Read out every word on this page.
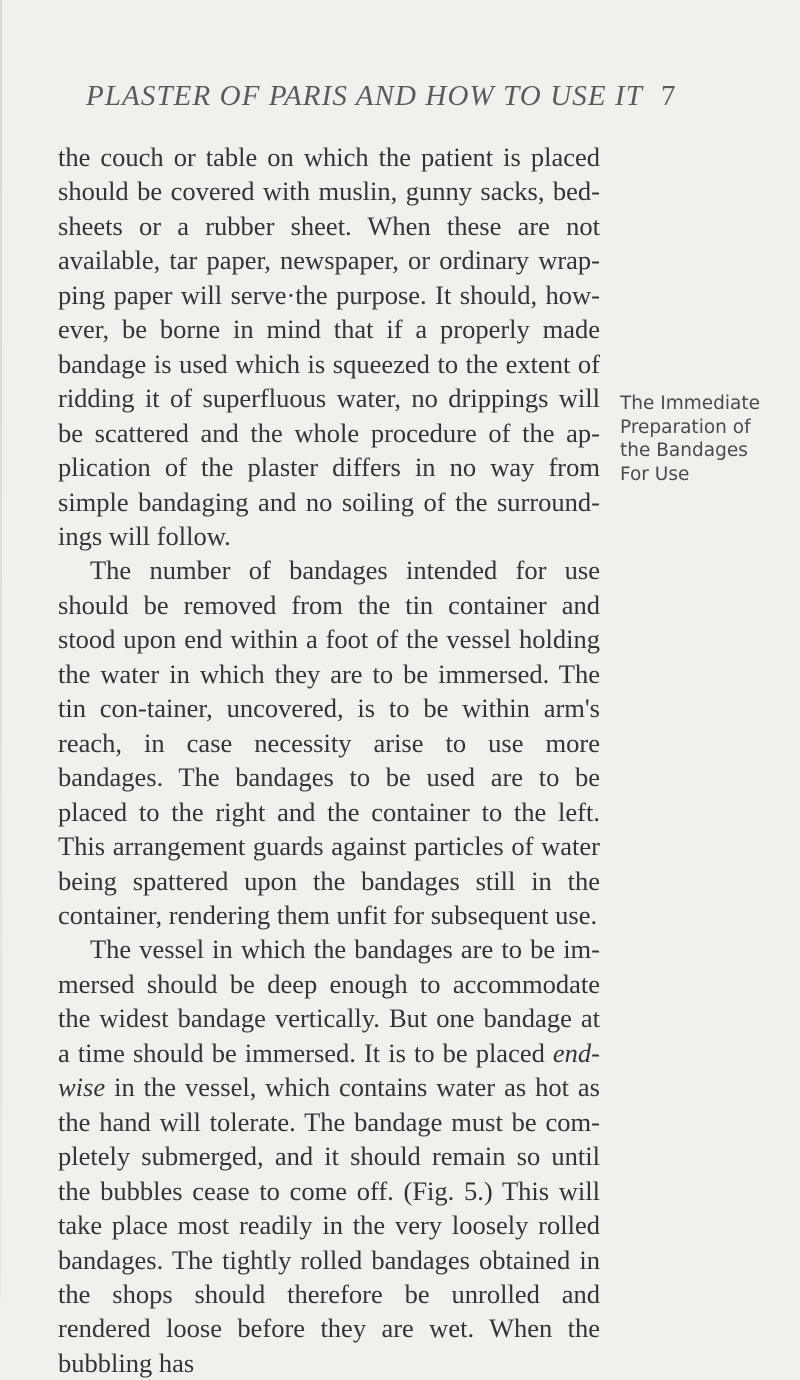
PLASTER OF PARIS AND HOW TO USE IT 7

the couch or table on which the patient is placed should be covered with muslin, gunny sacks, bed-sheets or a rubber sheet. When these are not available, tar paper, newspaper, or ordinary wrap-ping paper will serve·the purpose. It should, how-ever, be borne in mind that if a properly made bandage is used which is squeezed to the extent of ridding it of superfluous water, no drippings will be scattered and the whole procedure of the ap-plication of the plaster differs in no way from simple bandaging and no soiling of the surround-ings will follow.

The number of bandages intended for use should be removed from the tin container and stood upon end within a foot of the vessel holding the water in which they are to be immersed. The tin con-tainer, uncovered, is to be within arm's reach, in case necessity arise to use more bandages. The bandages to be used are to be placed to the right and the container to the left. This arrangement guards against particles of water being spattered upon the bandages still in the container, rendering them unfit for subsequent use.

The vessel in which the bandages are to be im-mersed should be deep enough to accommodate the widest bandage vertically. But one bandage at a time should be immersed. It is to be placed end-wise in the vessel, which contains water as hot as the hand will tolerate. The bandage must be com-pletely submerged, and it should remain so until the bubbles cease to come off. (Fig. 5.) This will take place most readily in the very loosely rolled bandages. The tightly rolled bandages obtained in the shops should therefore be unrolled and rendered loose before they are wet. When the bubbling has

The Immediate
Preparation of
the Bandages
For Use
